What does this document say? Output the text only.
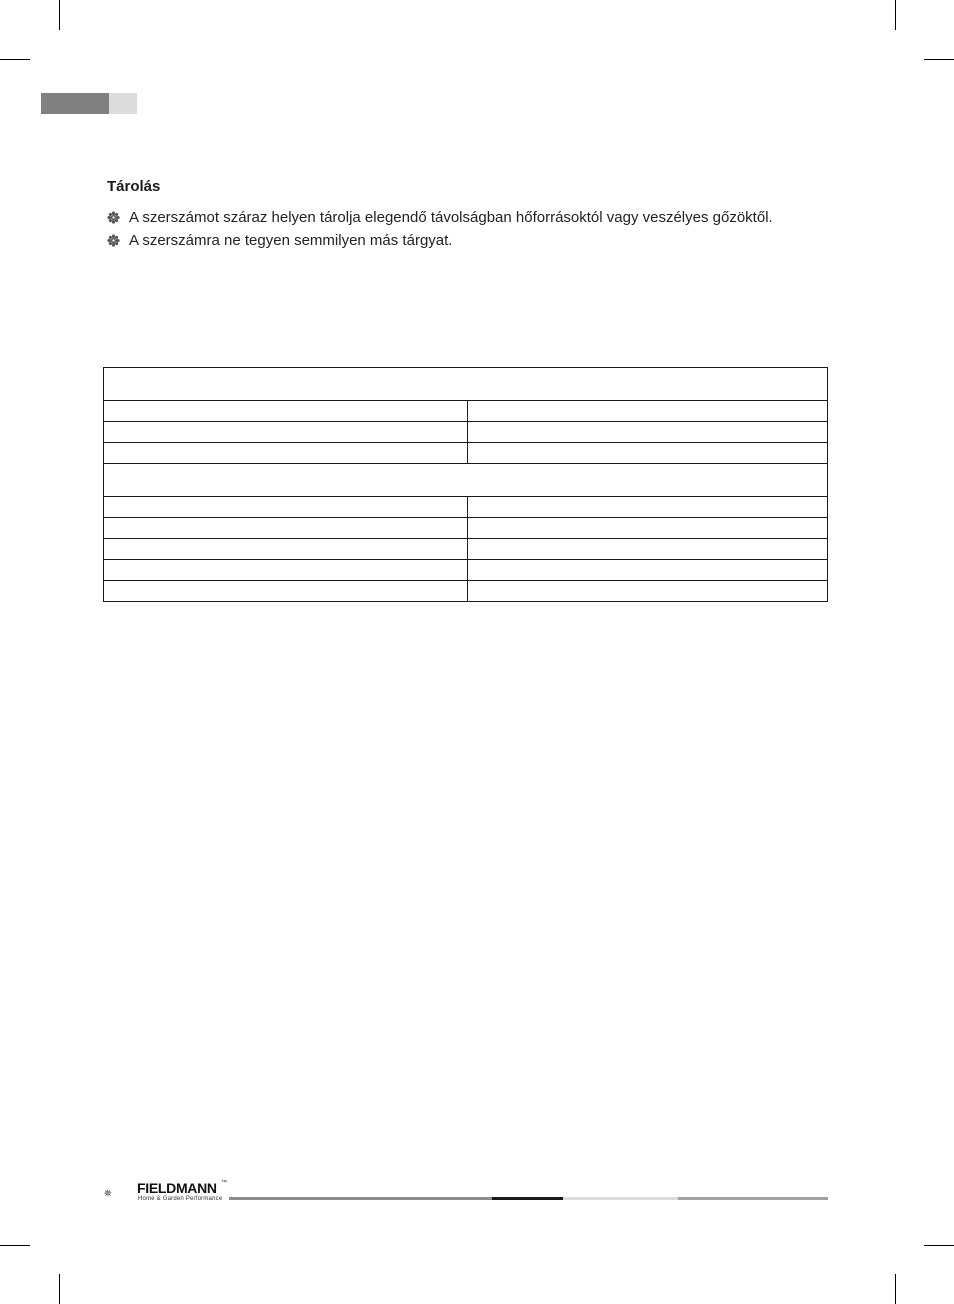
Tárolás
A szerszámot száraz helyen tárolja elegendő távolságban hőforrásoktól vagy veszélyes gőzöktől.
A szerszámra ne tegyen semmilyen más tárgyat.

FIELDMANN ™
Home & Garden Performance
